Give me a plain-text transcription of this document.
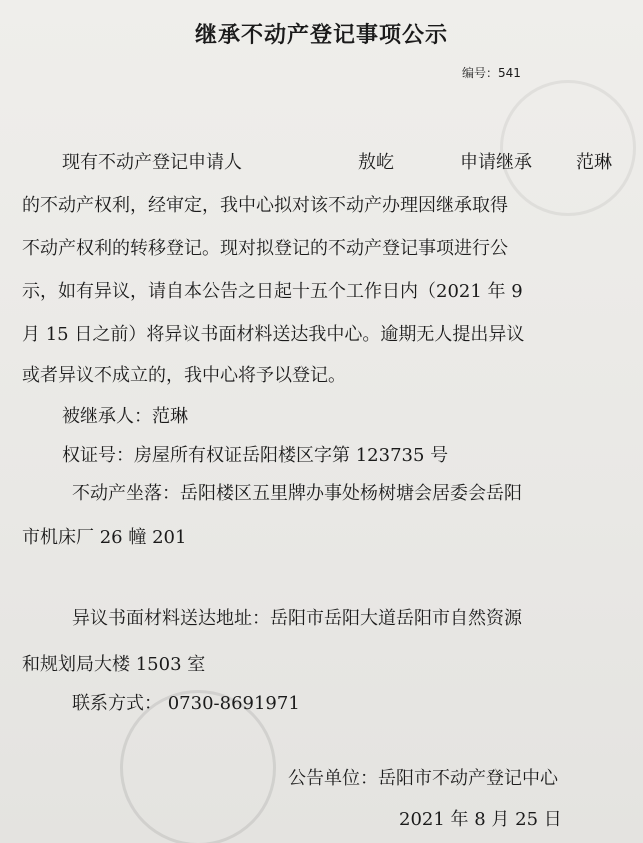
继承不动产登记事项公示
编号：541
现有不动产登记申请人	敖屹	申请继承 范琳
的不动产权利，经审定，我中心拟对该不动产办理因继承取得
不动产权利的转移登记。现对拟登记的不动产登记事项进行公
示，如有异议，请自本公告之日起十五个工作日内（2021 年 9
月 15 日之前）将异议书面材料送达我中心。逾期无人提出异议
或者异议不成立的，我中心将予以登记。
被继承人：范琳
权证号：房屋所有权证岳阳楼区字第 123735 号
不动产坐落：岳阳楼区五里牌办事处杨树塘会居委会岳阳
市机床厂 26 幢 201
异议书面材料送达地址：岳阳市岳阳大道岳阳市自然资源
和规划局大楼 1503 室
联系方式： 0730-8691971
公告单位：岳阳市不动产登记中心
2021 年 8 月 25 日
